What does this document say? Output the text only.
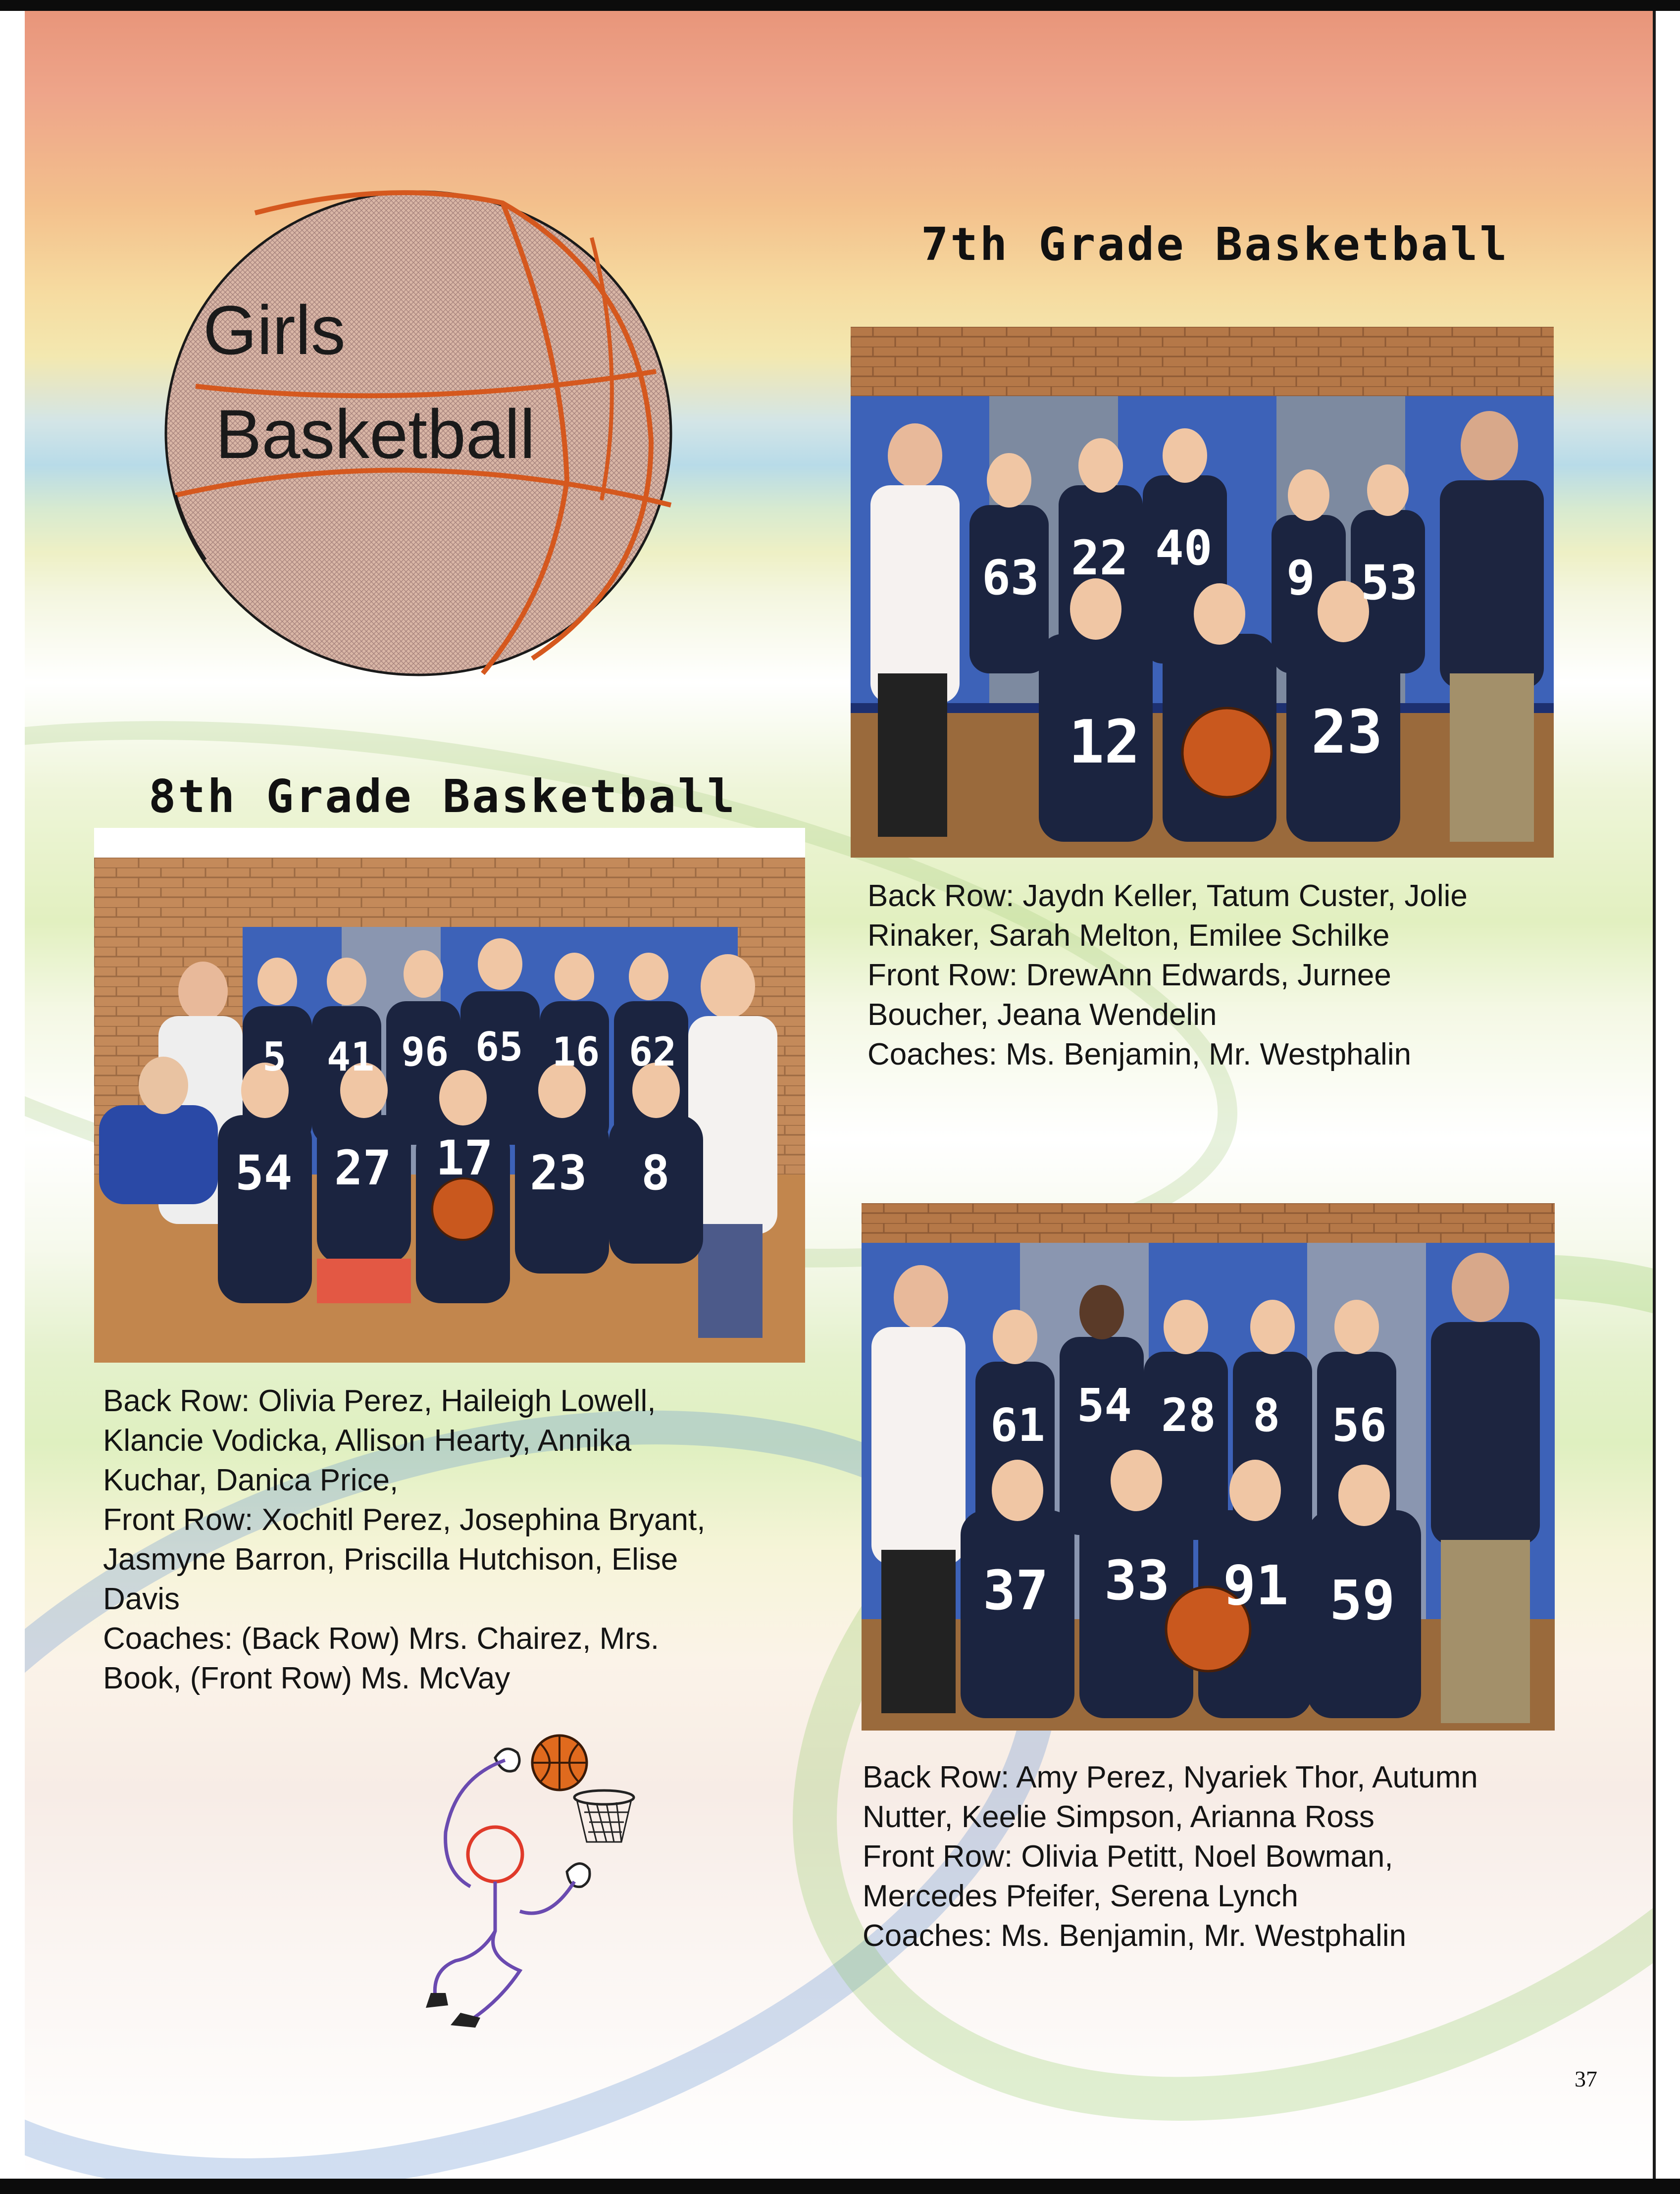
Girls
Basketball
7th Grade Basketball
8th Grade Basketball
63 22 40
9 53
12	23
5 41 96 65 16 62
54 27 17 23 8
61 54 28 8 56
37 33 91 59
Back Row: Jaydn Keller, Tatum Custer, Jolie
Rinaker, Sarah Melton, Emilee Schilke
Front Row: DrewAnn Edwards, Jurnee
Boucher, Jeana Wendelin
Coaches: Ms. Benjamin, Mr. Westphalin
Back Row: Olivia Perez, Haileigh Lowell,
Klancie Vodicka, Allison Hearty, Annika
Kuchar, Danica Price,
Front Row: Xochitl Perez, Josephina Bryant,
Jasmyne Barron, Priscilla Hutchison, Elise
Davis
Coaches: (Back Row) Mrs. Chairez, Mrs.
Book, (Front Row) Ms. McVay
Back Row: Amy Perez, Nyariek Thor, Autumn
Nutter, Keelie Simpson, Arianna Ross
Front Row: Olivia Petitt, Noel Bowman,
Mercedes Pfeifer, Serena Lynch
Coaches: Ms. Benjamin, Mr. Westphalin
37
